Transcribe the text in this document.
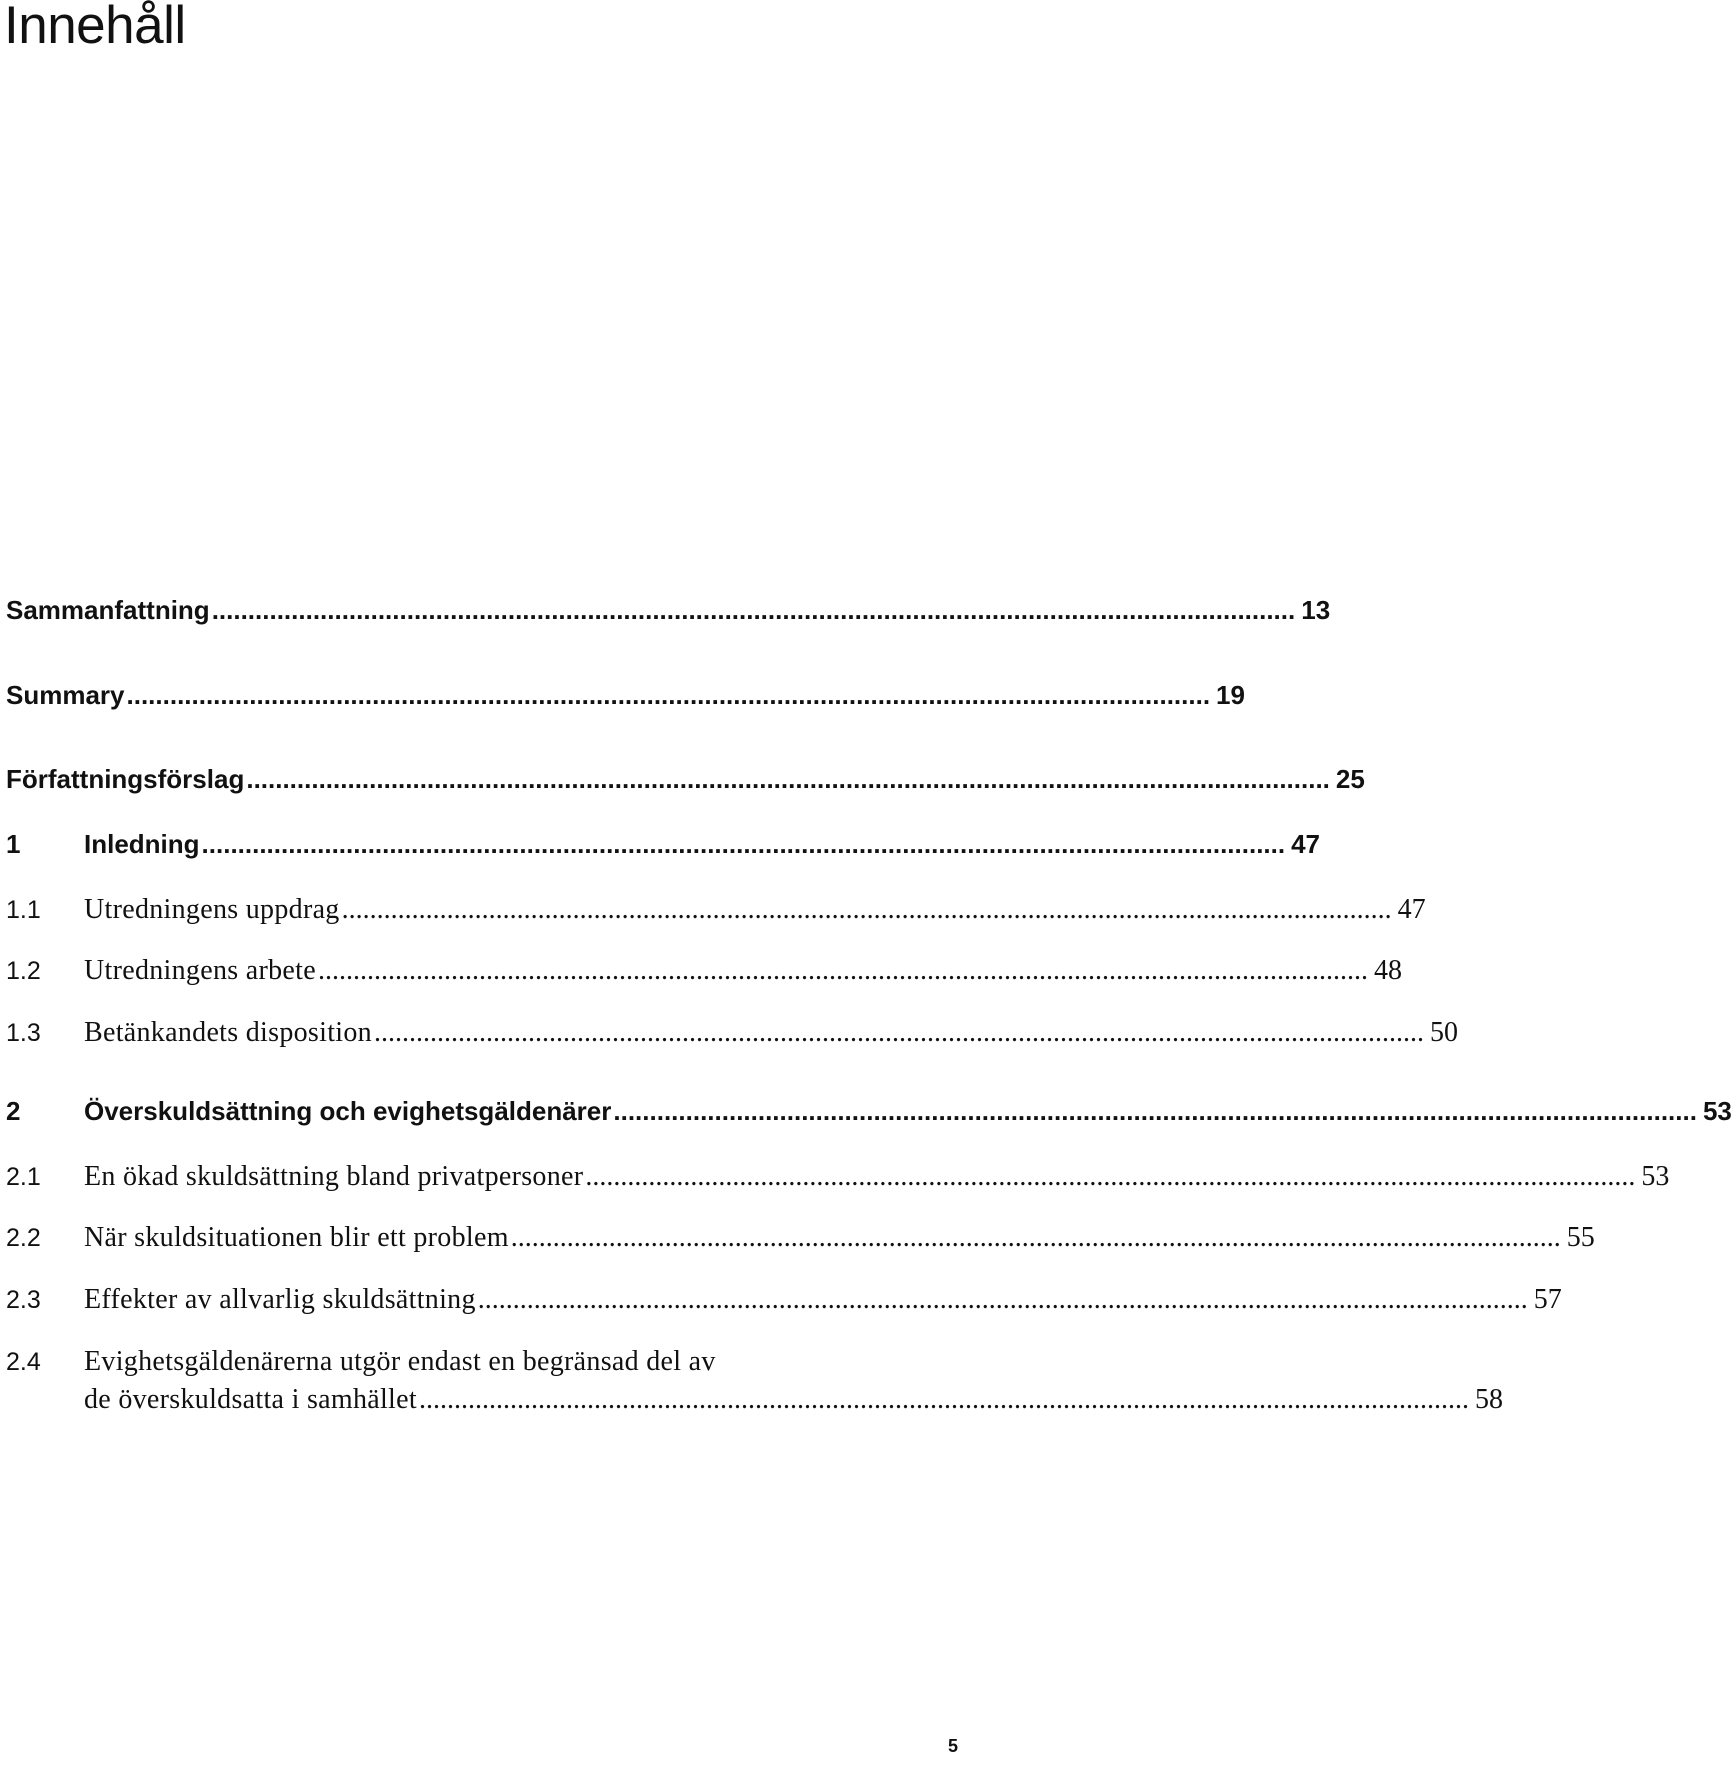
Innehåll
Sammanfattning ...................................................................................................................................................... 13
Summary ...................................................................................................................................................... 19
Författningsförslag ...................................................................................................................................................... 25
1 Inledning ...................................................................................................................................................... 47
1.1 Utredningens uppdrag ...................................................................................................................................................... 47
1.2 Utredningens arbete ...................................................................................................................................................... 48
1.3 Betänkandets disposition ...................................................................................................................................................... 50
2 Överskuldsättning och evighetsgäldenärer ...................................................................................................................................................... 53
2.1 En ökad skuldsättning bland privatpersoner ...................................................................................................................................................... 53
2.2 När skuldsituationen blir ett problem ...................................................................................................................................................... 55
2.3 Effekter av allvarlig skuldsättning ...................................................................................................................................................... 57
2.4 Evighetsgäldenärerna utgör endast en begränsad del av
de överskuldsatta i samhället ...................................................................................................................................................... 58
5
